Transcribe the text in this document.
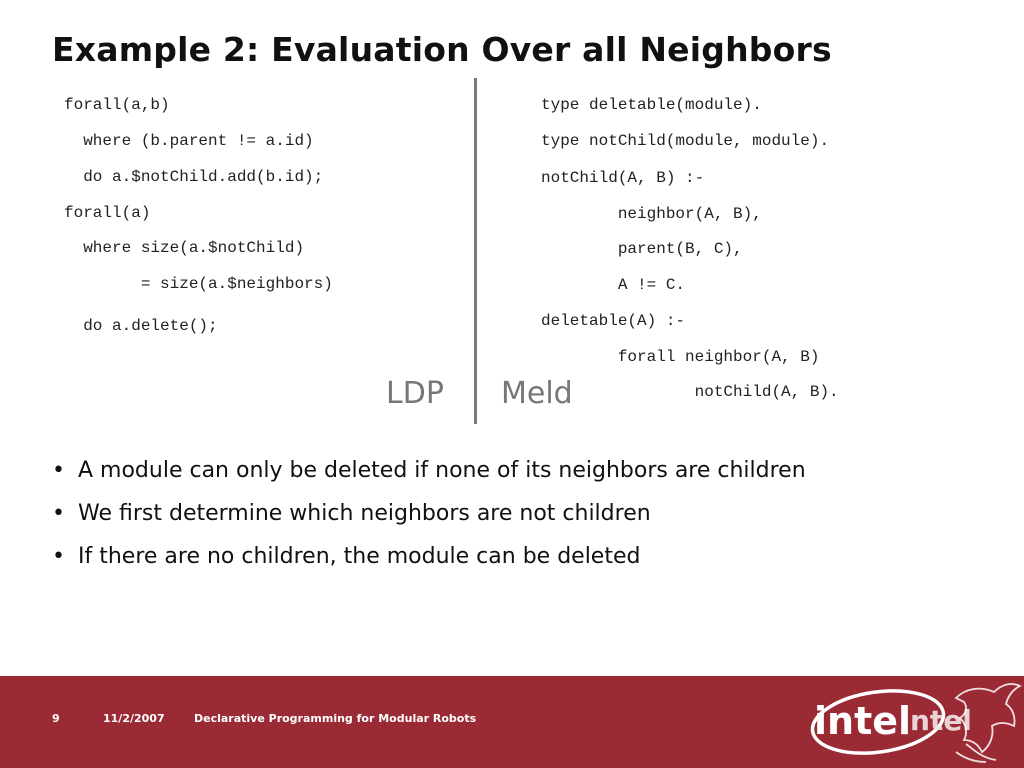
Example 2: Evaluation Over all Neighbors
forall(a,b)
where (b.parent != a.id)
do a.$notChild.add(b.id);
forall(a)
where size(a.$notChild)
= size(a.$neighbors)
do a.delete();
type deletable(module).
type notChild(module, module).
notChild(A, B) :-
neighbor(A, B),
parent(B, C),
A != C.
deletable(A) :-
forall neighbor(A, B)
notChild(A, B).
LDP Meld
• A module can only be deleted if none of its neighbors are children
• We first determine which neighbors are not children
• If there are no children, the module can be deleted
9	11/2/2007	Declarative Programming for Modular Robots	intel
ntel
